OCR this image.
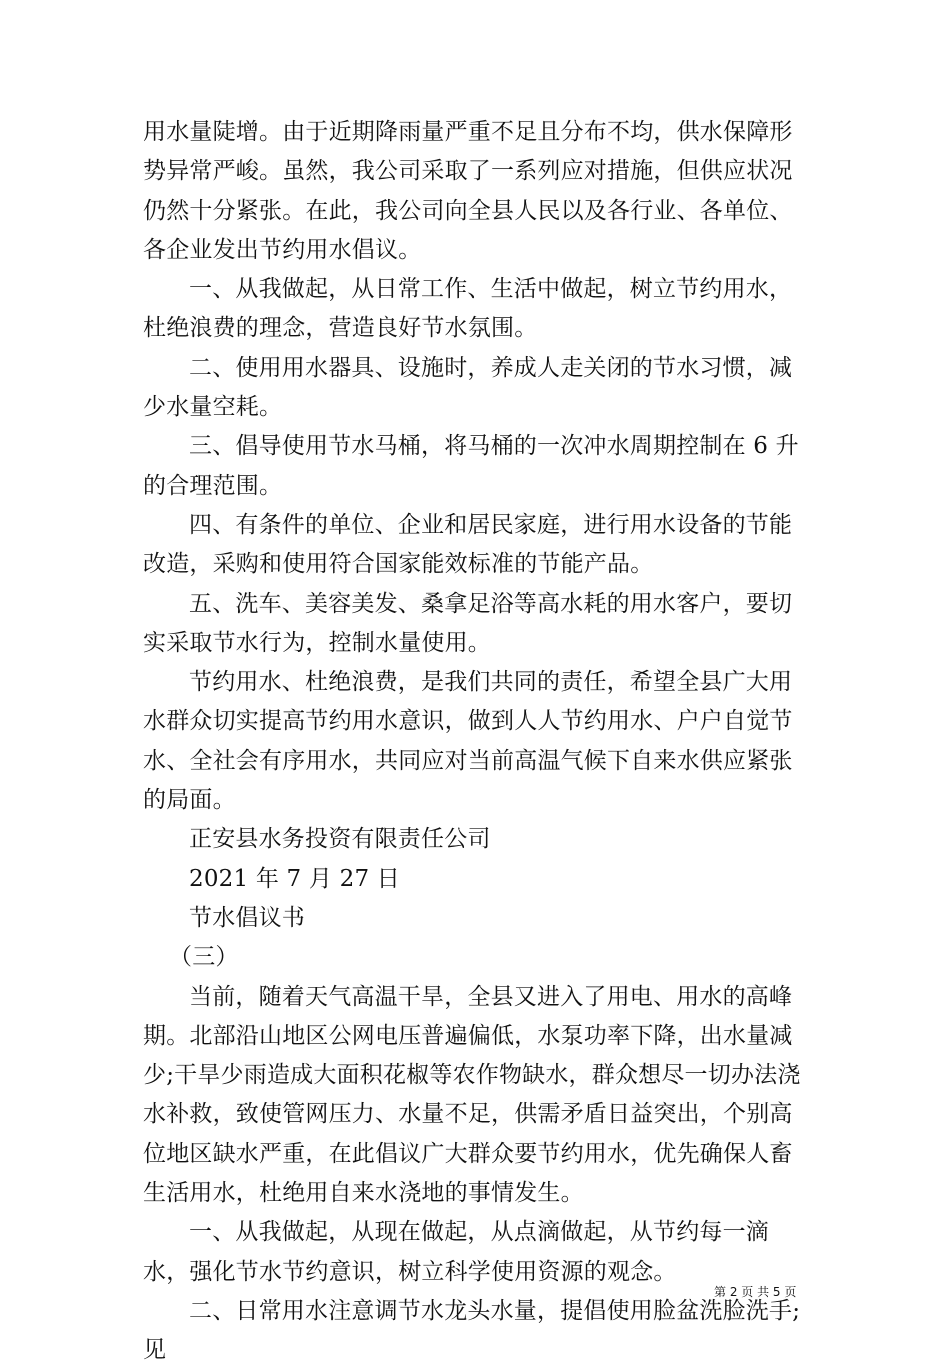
用水量陡增。由于近期降雨量严重不足且分布不均，供水保障形势异常严峻。虽然，我公司采取了一系列应对措施，但供应状况仍然十分紧张。在此，我公司向全县人民以及各行业、各单位、各企业发出节约用水倡议。

一、从我做起，从日常工作、生活中做起，树立节约用水，杜绝浪费的理念，营造良好节水氛围。

二、使用用水器具、设施时，养成人走关闭的节水习惯，减少水量空耗。

三、倡导使用节水马桶，将马桶的一次冲水周期控制在 6 升的合理范围。

四、有条件的单位、企业和居民家庭，进行用水设备的节能改造，采购和使用符合国家能效标准的节能产品。

五、洗车、美容美发、桑拿足浴等高水耗的用水客户，要切实采取节水行为，控制水量使用。

节约用水、杜绝浪费，是我们共同的责任，希望全县广大用水群众切实提高节约用水意识，做到人人节约用水、户户自觉节水、全社会有序用水，共同应对当前高温气候下自来水供应紧张的局面。

正安县水务投资有限责任公司

2021 年 7 月 27 日

节水倡议书

（三）

当前，随着天气高温干旱，全县又进入了用电、用水的高峰期。北部沿山地区公网电压普遍偏低，水泵功率下降，出水量减少;干旱少雨造成大面积花椒等农作物缺水，群众想尽一切办法浇水补救，致使管网压力、水量不足，供需矛盾日益突出，个别高位地区缺水严重，在此倡议广大群众要节约用水，优先确保人畜生活用水，杜绝用自来水浇地的事情发生。

一、从我做起，从现在做起，从点滴做起，从节约每一滴水，强化节水节约意识，树立科学使用资源的观念。

二、日常用水注意调节水龙头水量，提倡使用脸盆洗脸洗手;见

第 2 页 共 5 页
